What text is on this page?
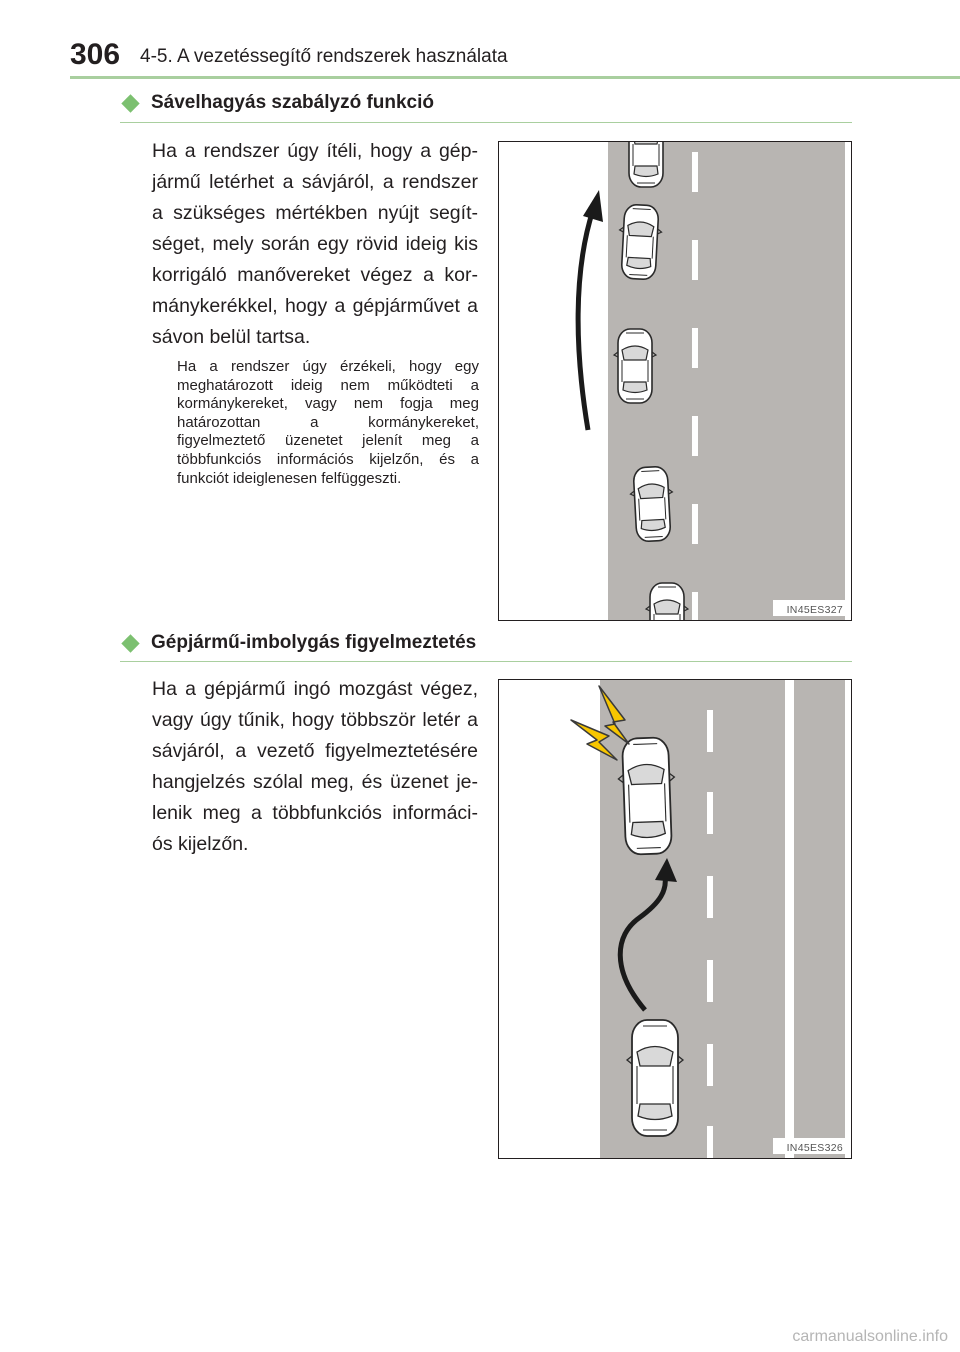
306 4-5. A vezetéssegítő rendszerek használata
Sávelhagyás szabályzó funkció
Ha a rendszer úgy ítéli, hogy a gép-jármű letérhet a sávjáról, a rendszer a szükséges mértékben nyújt segít-séget, mely során egy rövid ideig kis korrigáló manővereket végez a kor-mánykerékkel, hogy a gépjárművet a sávon belül tartsa.
Ha a rendszer úgy érzékeli, hogy egy meghatározott ideig nem működteti a kormánykereket, vagy nem fogja meg határozottan a kormánykereket, figyelmeztető üzenetet jelenít meg a többfunkciós információs kijelzőn, és a funkciót ideiglenesen felfüggeszti.
IN45ES327
Gépjármű-imbolygás figyelmeztetés
Ha a gépjármű ingó mozgást végez, vagy úgy tűnik, hogy többször letér a sávjáról, a vezető figyelmeztetésére hangjelzés szólal meg, és üzenet je-lenik meg a többfunkciós informáci-ós kijelzőn.
IN45ES326
carmanualsonline.info
